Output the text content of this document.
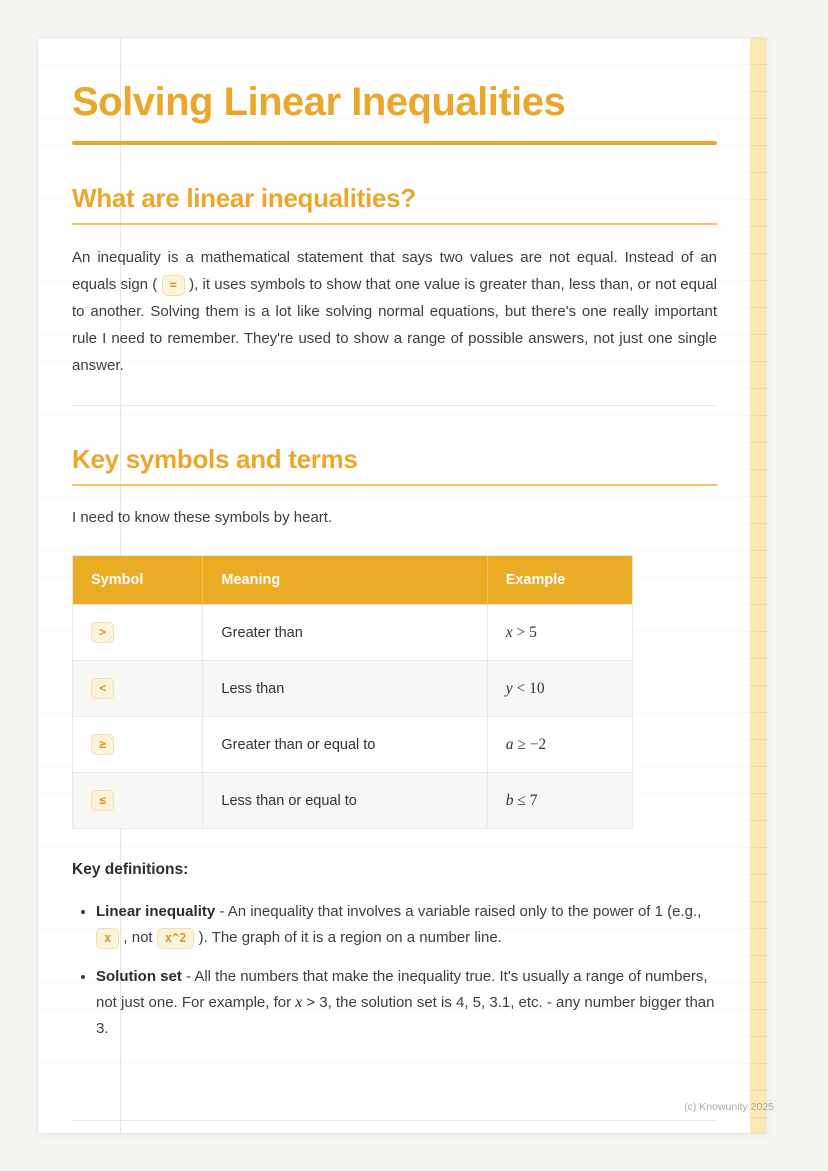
Solving Linear Inequalities
What are linear inequalities?

An inequality is a mathematical statement that says two values are not equal. Instead of an equals sign ( = ), it uses symbols to show that one value is greater than, less than, or not equal to another. Solving them is a lot like solving normal equations, but there's one really important rule I need to remember. They're used to show a range of possible answers, not just one single answer.

Key symbols and terms

I need to know these symbols by heart.

Symbol	Meaning	Example
>	Greater than	x > 5
<	Less than	y < 10
≥	Greater than or equal to	a ≥ −2
≤	Less than or equal to	b ≤ 7

Key definitions:

• Linear inequality - An inequality that involves a variable raised only to the power of 1 (e.g., x , not x^2 ). The graph of it is a region on a number line.
• Solution set - All the numbers that make the inequality true. It's usually a range of numbers, not just one. For example, for x > 3, the solution set is 4, 5, 3.1, etc. - any number bigger than 3.
(c) Knowunity 2025
